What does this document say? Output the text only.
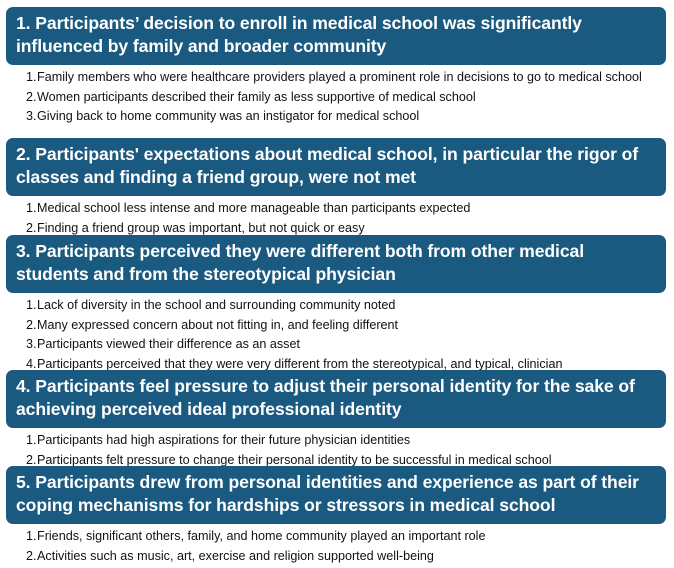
1. Participants’ decision to enroll in medical school was significantly influenced by family and broader community
1. Family members who were healthcare providers played a prominent role in decisions to go to medical school
2. Women participants described their family as less supportive of medical school
3. Giving back to home community was an instigator for medical school
2. Participants' expectations about medical school, in particular the rigor of classes and finding a friend group, were not met
1. Medical school less intense and more manageable than participants expected
2. Finding a friend group was important, but not quick or easy
3. Participants perceived they were different both from other medical students and from the stereotypical physician
1. Lack of diversity in the school and surrounding community noted
2. Many expressed concern about not fitting in, and feeling different
3. Participants viewed their difference as an asset
4. Participants perceived that they were very different from the stereotypical, and typical, clinician
4. Participants feel pressure to adjust their personal identity for the sake of achieving perceived ideal professional identity
1. Participants had high aspirations for their future physician identities
2. Participants felt pressure to change their personal identity to be successful in medical school
5. Participants drew from personal identities and experience as part of their coping mechanisms for hardships or stressors in medical school
1. Friends, significant others, family, and home community played an important role
2. Activities such as music, art, exercise and religion supported well-being
